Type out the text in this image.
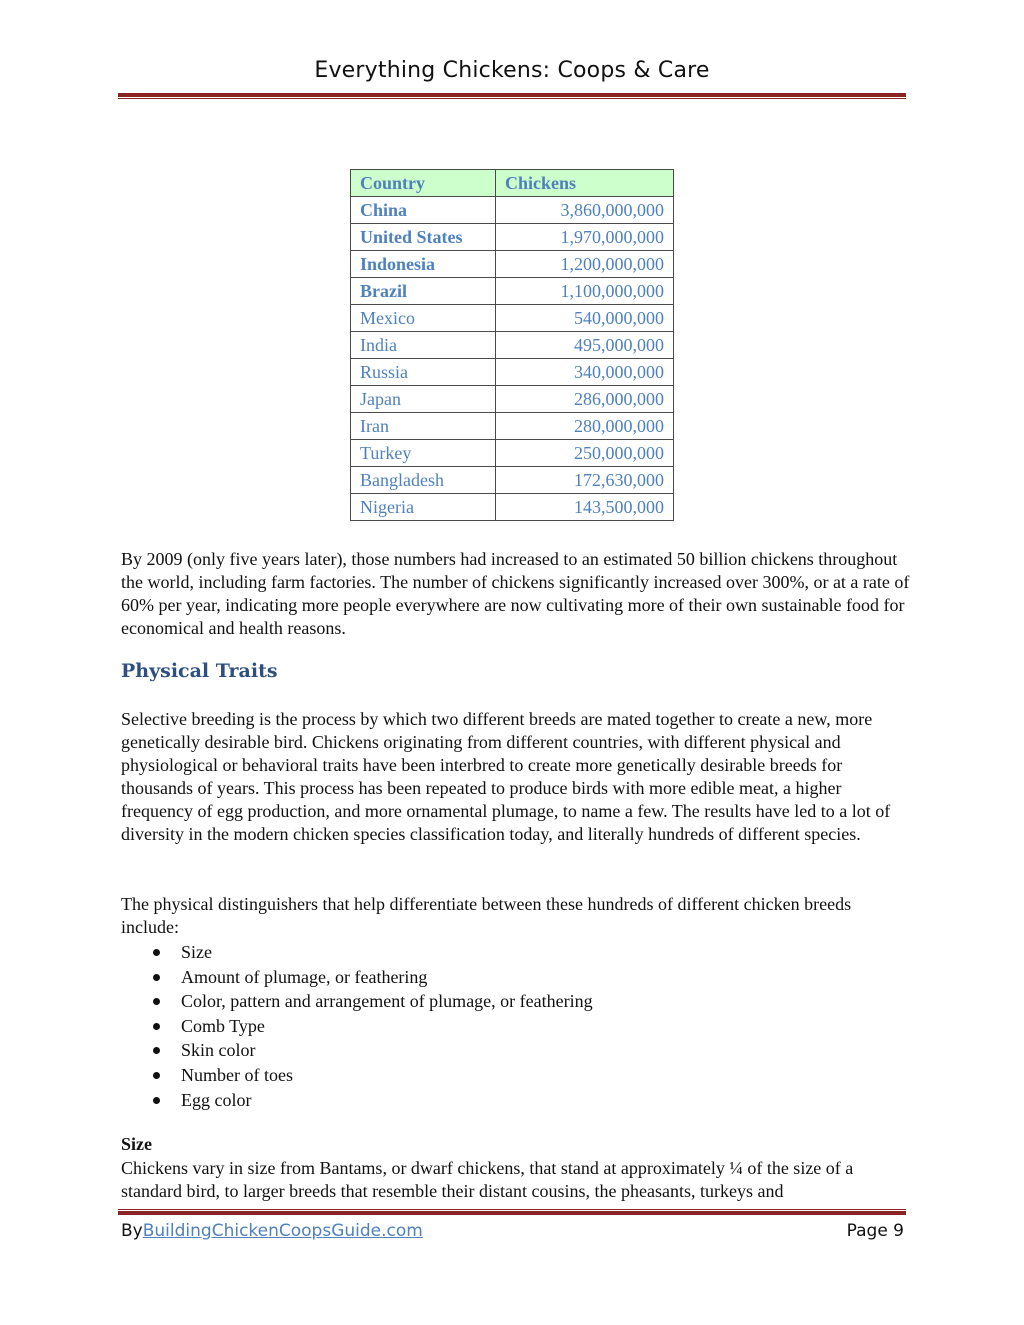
Everything Chickens: Coops & Care
Country	Chickens
China	3,860,000,000
United States	1,970,000,000
Indonesia	1,200,000,000
Brazil	1,100,000,000
Mexico	540,000,000
India	495,000,000
Russia	340,000,000
Japan	286,000,000
Iran	280,000,000
Turkey	250,000,000
Bangladesh	172,630,000
Nigeria	143,500,000
By 2009 (only five years later), those numbers had increased to an estimated 50 billion chickens throughout the world, including farm factories. The number of chickens significantly increased over 300%, or at a rate of 60% per year, indicating more people everywhere are now cultivating more of their own sustainable food for economical and health reasons.
Physical Traits
Selective breeding is the process by which two different breeds are mated together to create a new, more genetically desirable bird. Chickens originating from different countries, with different physical and physiological or behavioral traits have been interbred to create more genetically desirable breeds for thousands of years. This process has been repeated to produce birds with more edible meat, a higher frequency of egg production, and more ornamental plumage, to name a few. The results have led to a lot of diversity in the modern chicken species classification today, and literally hundreds of different species.
The physical distinguishers that help differentiate between these hundreds of different chicken breeds include:
Size
Amount of plumage, or feathering
Color, pattern and arrangement of plumage, or feathering
Comb Type
Skin color
Number of toes
Egg color
Size
Chickens vary in size from Bantams, or dwarf chickens, that stand at approximately ¼ of the size of a standard bird, to larger breeds that resemble their distant cousins, the pheasants, turkeys and
ByBuildingChickenCoopsGuide.com	Page 9
